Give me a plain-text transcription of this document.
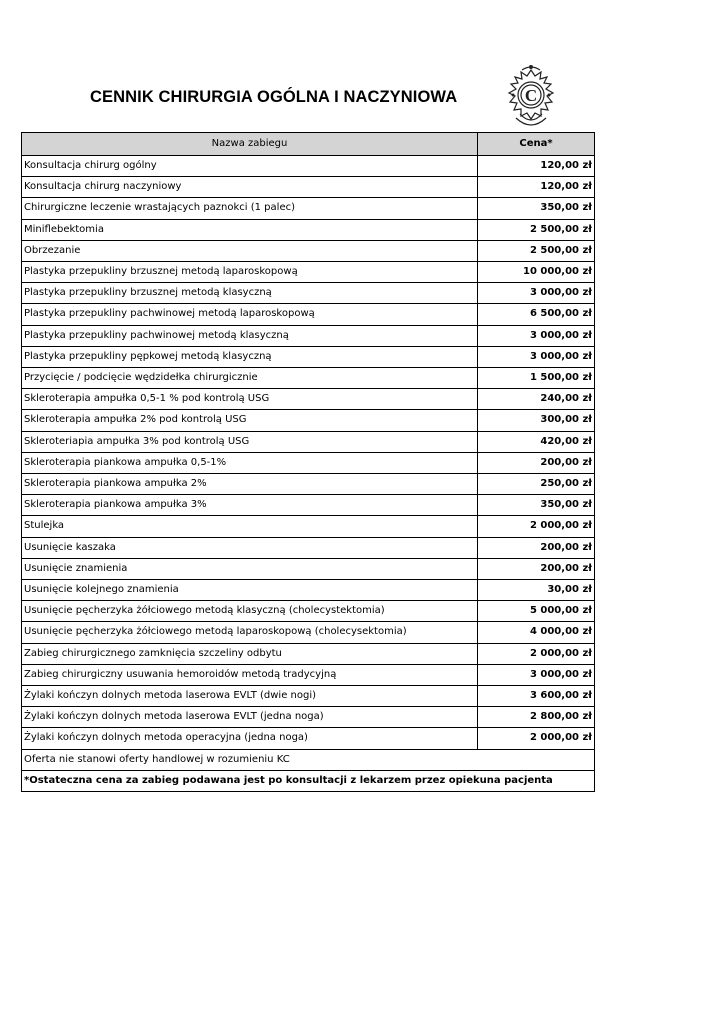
CENNIK CHIRURGIA OGÓLNA I NACZYNIOWA	C
Nazwa zabiegu	Cena*
Konsultacja chirurg ogólny	120,00 zł
Konsultacja chirurg naczyniowy	120,00 zł
Chirurgiczne leczenie wrastających paznokci (1 palec)	350,00 zł
Miniflebektomia	2 500,00 zł
Obrzezanie	2 500,00 zł
Plastyka przepukliny brzusznej metodą laparoskopową	10 000,00 zł
Plastyka przepukliny brzusznej metodą klasyczną	3 000,00 zł
Plastyka przepukliny pachwinowej metodą laparoskopową	6 500,00 zł
Plastyka przepukliny pachwinowej metodą klasyczną	3 000,00 zł
Plastyka przepukliny pępkowej metodą klasyczną	3 000,00 zł
Przycięcie / podcięcie wędzidełka chirurgicznie	1 500,00 zł
Skleroterapia ampułka 0,5-1 % pod kontrolą USG	240,00 zł
Skleroterapia ampułka 2% pod kontrolą USG	300,00 zł
Skleroteriapia ampułka 3% pod kontrolą USG	420,00 zł
Skleroterapia piankowa ampułka 0,5-1%	200,00 zł
Skleroterapia piankowa ampułka 2%	250,00 zł
Skleroterapia piankowa ampułka 3%	350,00 zł
Stulejka	2 000,00 zł
Usunięcie kaszaka	200,00 zł
Usunięcie znamienia	200,00 zł
Usunięcie kolejnego znamienia	30,00 zł
Usunięcie pęcherzyka żółciowego metodą klasyczną (cholecystektomia)	5 000,00 zł
Usunięcie pęcherzyka żółciowego metodą laparoskopową (cholecysektomia)	4 000,00 zł
Zabieg chirurgicznego zamknięcia szczeliny odbytu	2 000,00 zł
Zabieg chirurgiczny usuwania hemoroidów metodą tradycyjną	3 000,00 zł
Żylaki kończyn dolnych metoda laserowa EVLT (dwie nogi)	3 600,00 zł
Żylaki kończyn dolnych metoda laserowa EVLT (jedna noga)	2 800,00 zł
Żylaki kończyn dolnych metoda operacyjna (jedna noga)	2 000,00 zł
Oferta nie stanowi oferty handlowej w rozumieniu KC	
*Ostateczna cena za zabieg podawana jest po konsultacji z lekarzem przez opiekuna pacjenta	
